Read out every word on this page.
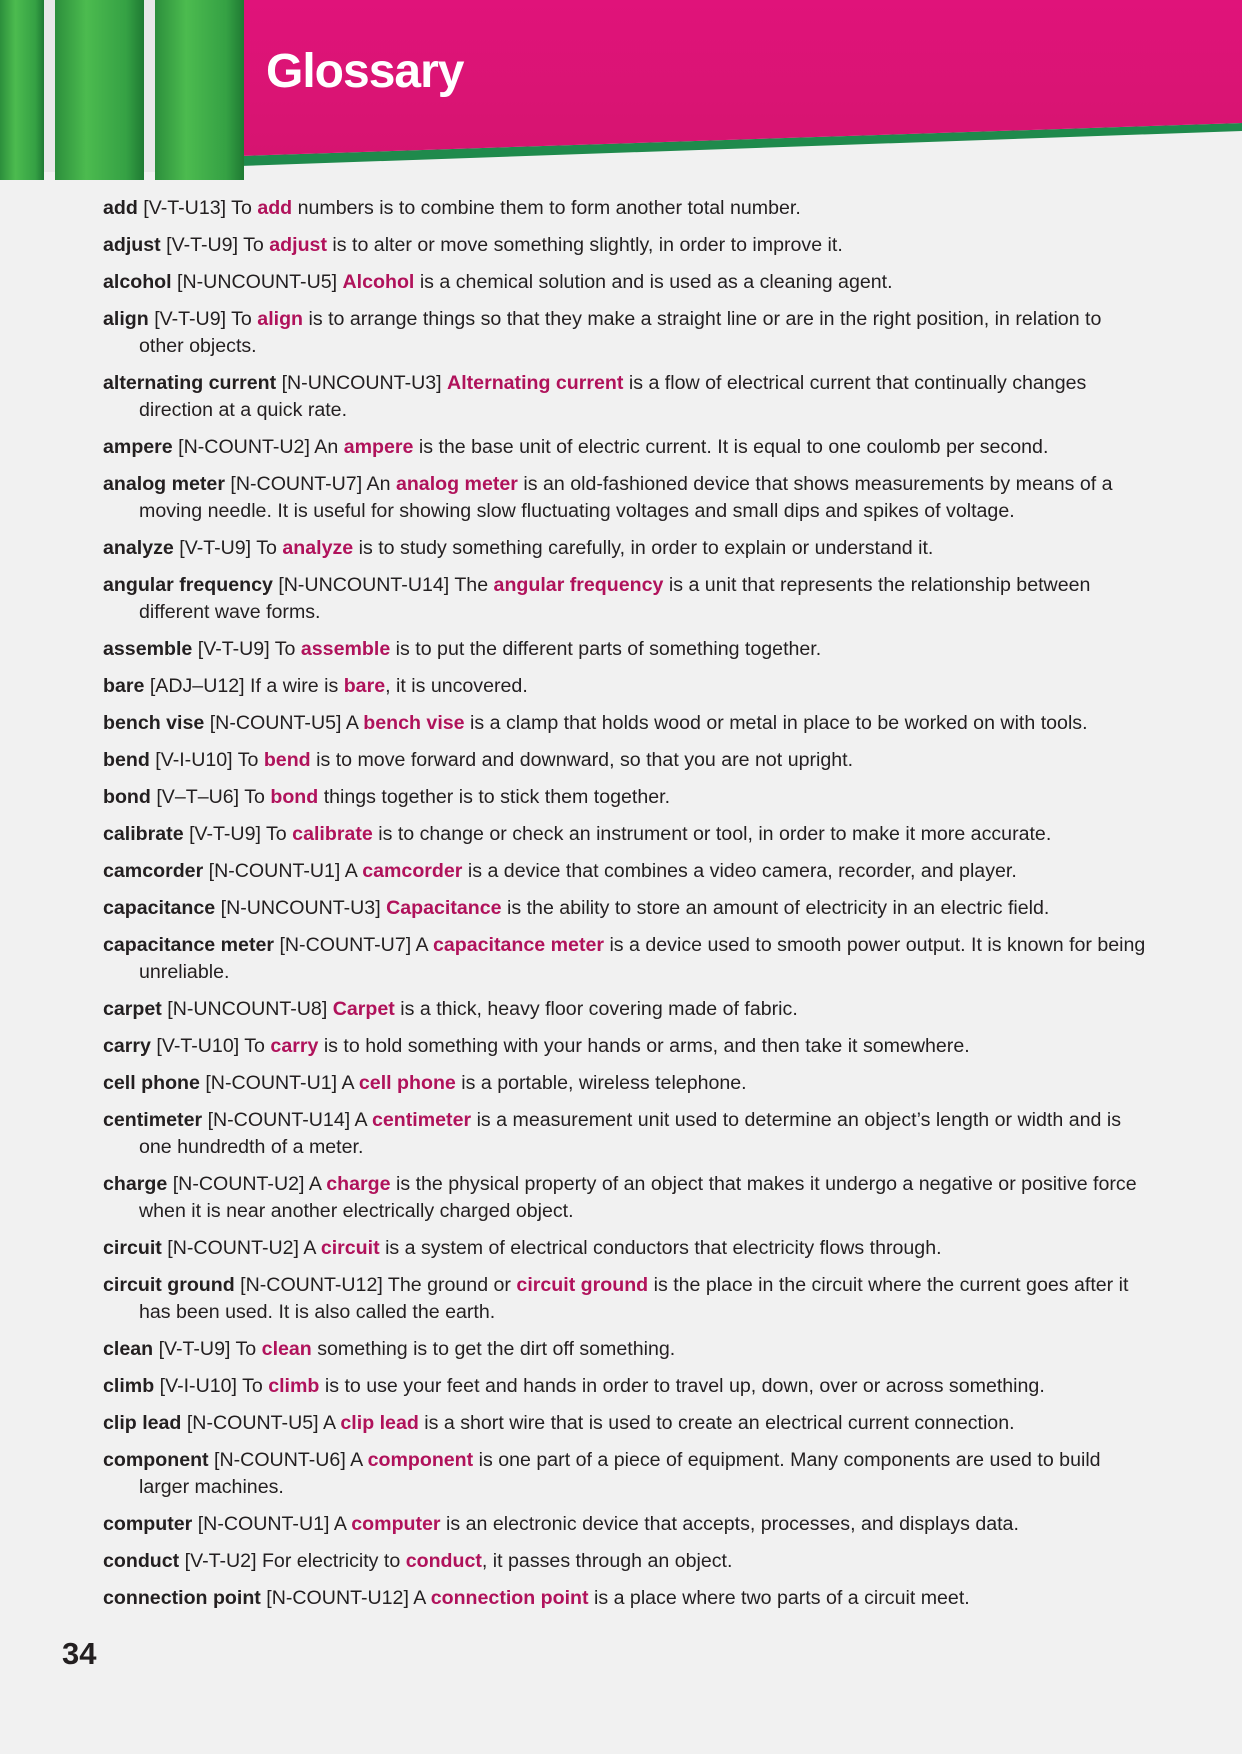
Glossary

add [V-T-U13] To add numbers is to combine them to form another total number.

adjust [V-T-U9] To adjust is to alter or move something slightly, in order to improve it.

alcohol [N-UNCOUNT-U5] Alcohol is a chemical solution and is used as a cleaning agent.

align [V-T-U9] To align is to arrange things so that they make a straight line or are in the right position, in relation to other objects.

alternating current [N-UNCOUNT-U3] Alternating current is a flow of electrical current that continually changes direction at a quick rate.

ampere [N-COUNT-U2] An ampere is the base unit of electric current. It is equal to one coulomb per second.

analog meter [N-COUNT-U7] An analog meter is an old-fashioned device that shows measurements by means of a moving needle. It is useful for showing slow fluctuating voltages and small dips and spikes of voltage.

analyze [V-T-U9] To analyze is to study something carefully, in order to explain or understand it.

angular frequency [N-UNCOUNT-U14] The angular frequency is a unit that represents the relationship between different wave forms.

assemble [V-T-U9] To assemble is to put the different parts of something together.

bare [ADJ–U12] If a wire is bare, it is uncovered.

bench vise [N-COUNT-U5] A bench vise is a clamp that holds wood or metal in place to be worked on with tools.

bend [V-I-U10] To bend is to move forward and downward, so that you are not upright.

bond [V–T–U6] To bond things together is to stick them together.

calibrate [V-T-U9] To calibrate is to change or check an instrument or tool, in order to make it more accurate.

camcorder [N-COUNT-U1] A camcorder is a device that combines a video camera, recorder, and player.

capacitance [N-UNCOUNT-U3] Capacitance is the ability to store an amount of electricity in an electric field.

capacitance meter [N-COUNT-U7] A capacitance meter is a device used to smooth power output. It is known for being unreliable.

carpet [N-UNCOUNT-U8] Carpet is a thick, heavy floor covering made of fabric.

carry [V-T-U10] To carry is to hold something with your hands or arms, and then take it somewhere.

cell phone [N-COUNT-U1] A cell phone is a portable, wireless telephone.

centimeter [N-COUNT-U14] A centimeter is a measurement unit used to determine an object’s length or width and is one hundredth of a meter.

charge [N-COUNT-U2] A charge is the physical property of an object that makes it undergo a negative or positive force when it is near another electrically charged object.

circuit [N-COUNT-U2] A circuit is a system of electrical conductors that electricity flows through.

circuit ground [N-COUNT-U12] The ground or circuit ground is the place in the circuit where the current goes after it has been used. It is also called the earth.

clean [V-T-U9] To clean something is to get the dirt off something.

climb [V-I-U10] To climb is to use your feet and hands in order to travel up, down, over or across something.

clip lead [N-COUNT-U5] A clip lead is a short wire that is used to create an electrical current connection.

component [N-COUNT-U6] A component is one part of a piece of equipment. Many components are used to build larger machines.

computer [N-COUNT-U1] A computer is an electronic device that accepts, processes, and displays data.

conduct [V-T-U2] For electricity to conduct, it passes through an object.

connection point [N-COUNT-U12] A connection point is a place where two parts of a circuit meet.

34
